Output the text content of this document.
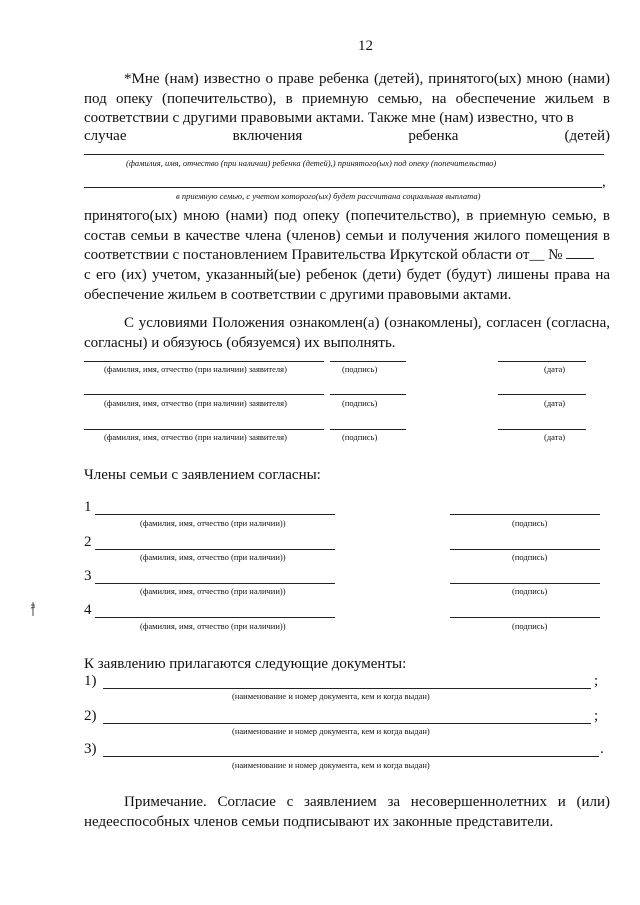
12
*Мне (нам) известно о праве ребенка (детей), принятого(ых) мною (нами) под опеку (попечительство), в приемную семью, на обеспечение жильем в соответствии с другими правовыми актами. Также мне (нам) известно, что в
случае	включения	ребенка	(детей)
(фамилия, имя, отчество (при наличии) ребенка (детей),) принятого(ых) под опеку (попечительство)
,
в приемную семью, с учетом которого(ых) будет рассчитана социальная выплата)
принятого(ых) мною (нами) под опеку (попечительство), в приемную семью, в состав семьи в качестве члена (членов) семьи и получения жилого помещения в соответствии с постановлением Правительства Иркутской области от__ №
с его (их) учетом, указанный(ые) ребенок (дети) будет (будут) лишены права на обеспечение жильем в соответствии с другими правовыми актами.
С условиями Положения ознакомлен(а) (ознакомлены), согласен (согласна, согласны) и обязуюсь (обязуемся) их выполнять.
(фамилия, имя, отчество (при наличии) заявителя)	(подпись)	(дата)
(фамилия, имя, отчество (при наличии) заявителя)	(подпись)	(дата)
(фамилия, имя, отчество (при наличии) заявителя)	(подпись)	(дата)
Члены семьи с заявлением согласны:
1
(фамилия, имя, отчество (при наличии))	(подпись)
2
(фамилия, имя, отчество (при наличии))	(подпись)
3
(фамилия, имя, отчество (при наличии))	(подпись)
4
(фамилия, имя, отчество (при наличии))	(подпись)
К заявлению прилагаются следующие документы:
1)	;
(наименование и номер документа, кем и когда выдан)
2)	;
(наименование и номер документа, кем и когда выдан)
3)	.
(наименование и номер документа, кем и когда выдан)
Примечание. Согласие с заявлением за несовершеннолетних и (или) недееспособных членов семьи подписывают их законные представители.
